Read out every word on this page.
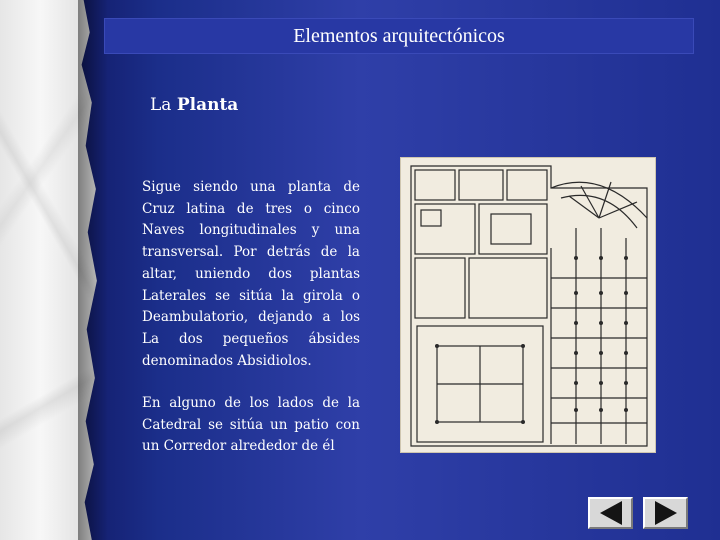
Elementos arquitectónicos
La Planta

Sigue siendo una planta de Cruz latina de tres o cinco Naves longitudinales y una transversal. Por detrás de la altar, uniendo dos plantas Laterales se sitúa la girola o Deambulatorio, dejando a los La dos pequeños ábsides denominados Absidiolos.

En alguno de los lados de la Catedral se sitúa un patio con un Corredor alrededor de él
